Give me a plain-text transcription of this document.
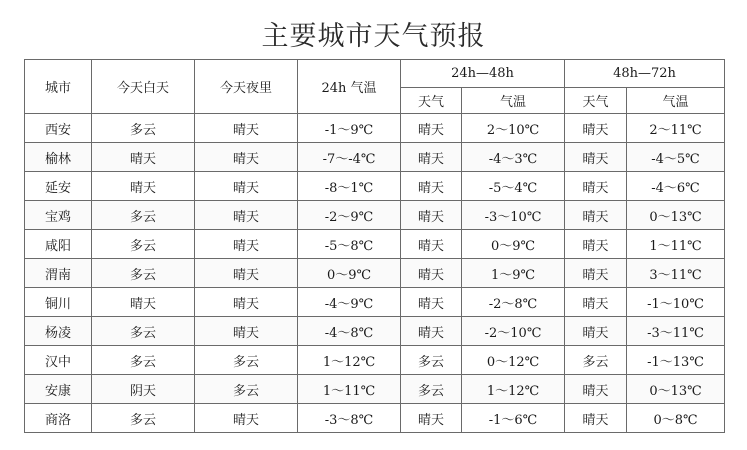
主要城市天气预报
城市	今天白天	今天夜里	24h 气温	24h—48h		48h—72h	
				天气	气温	天气	气温
西安	多云	晴天	-1～9℃	晴天	2～10℃	晴天	2～11℃
榆林	晴天	晴天	-7～-4℃	晴天	-4～3℃	晴天	-4～5℃
延安	晴天	晴天	-8～1℃	晴天	-5～4℃	晴天	-4～6℃
宝鸡	多云	晴天	-2～9℃	晴天	-3～10℃	晴天	0～13℃
咸阳	多云	晴天	-5～8℃	晴天	0～9℃	晴天	1～11℃
渭南	多云	晴天	0～9℃	晴天	1～9℃	晴天	3～11℃
铜川	晴天	晴天	-4～9℃	晴天	-2～8℃	晴天	-1～10℃
杨凌	多云	晴天	-4～8℃	晴天	-2～10℃	晴天	-3～11℃
汉中	多云	多云	1～12℃	多云	0～12℃	多云	-1～13℃
安康	阴天	多云	1～11℃	多云	1～12℃	晴天	0～13℃
商洛	多云	晴天	-3～8℃	晴天	-1～6℃	晴天	0～8℃
